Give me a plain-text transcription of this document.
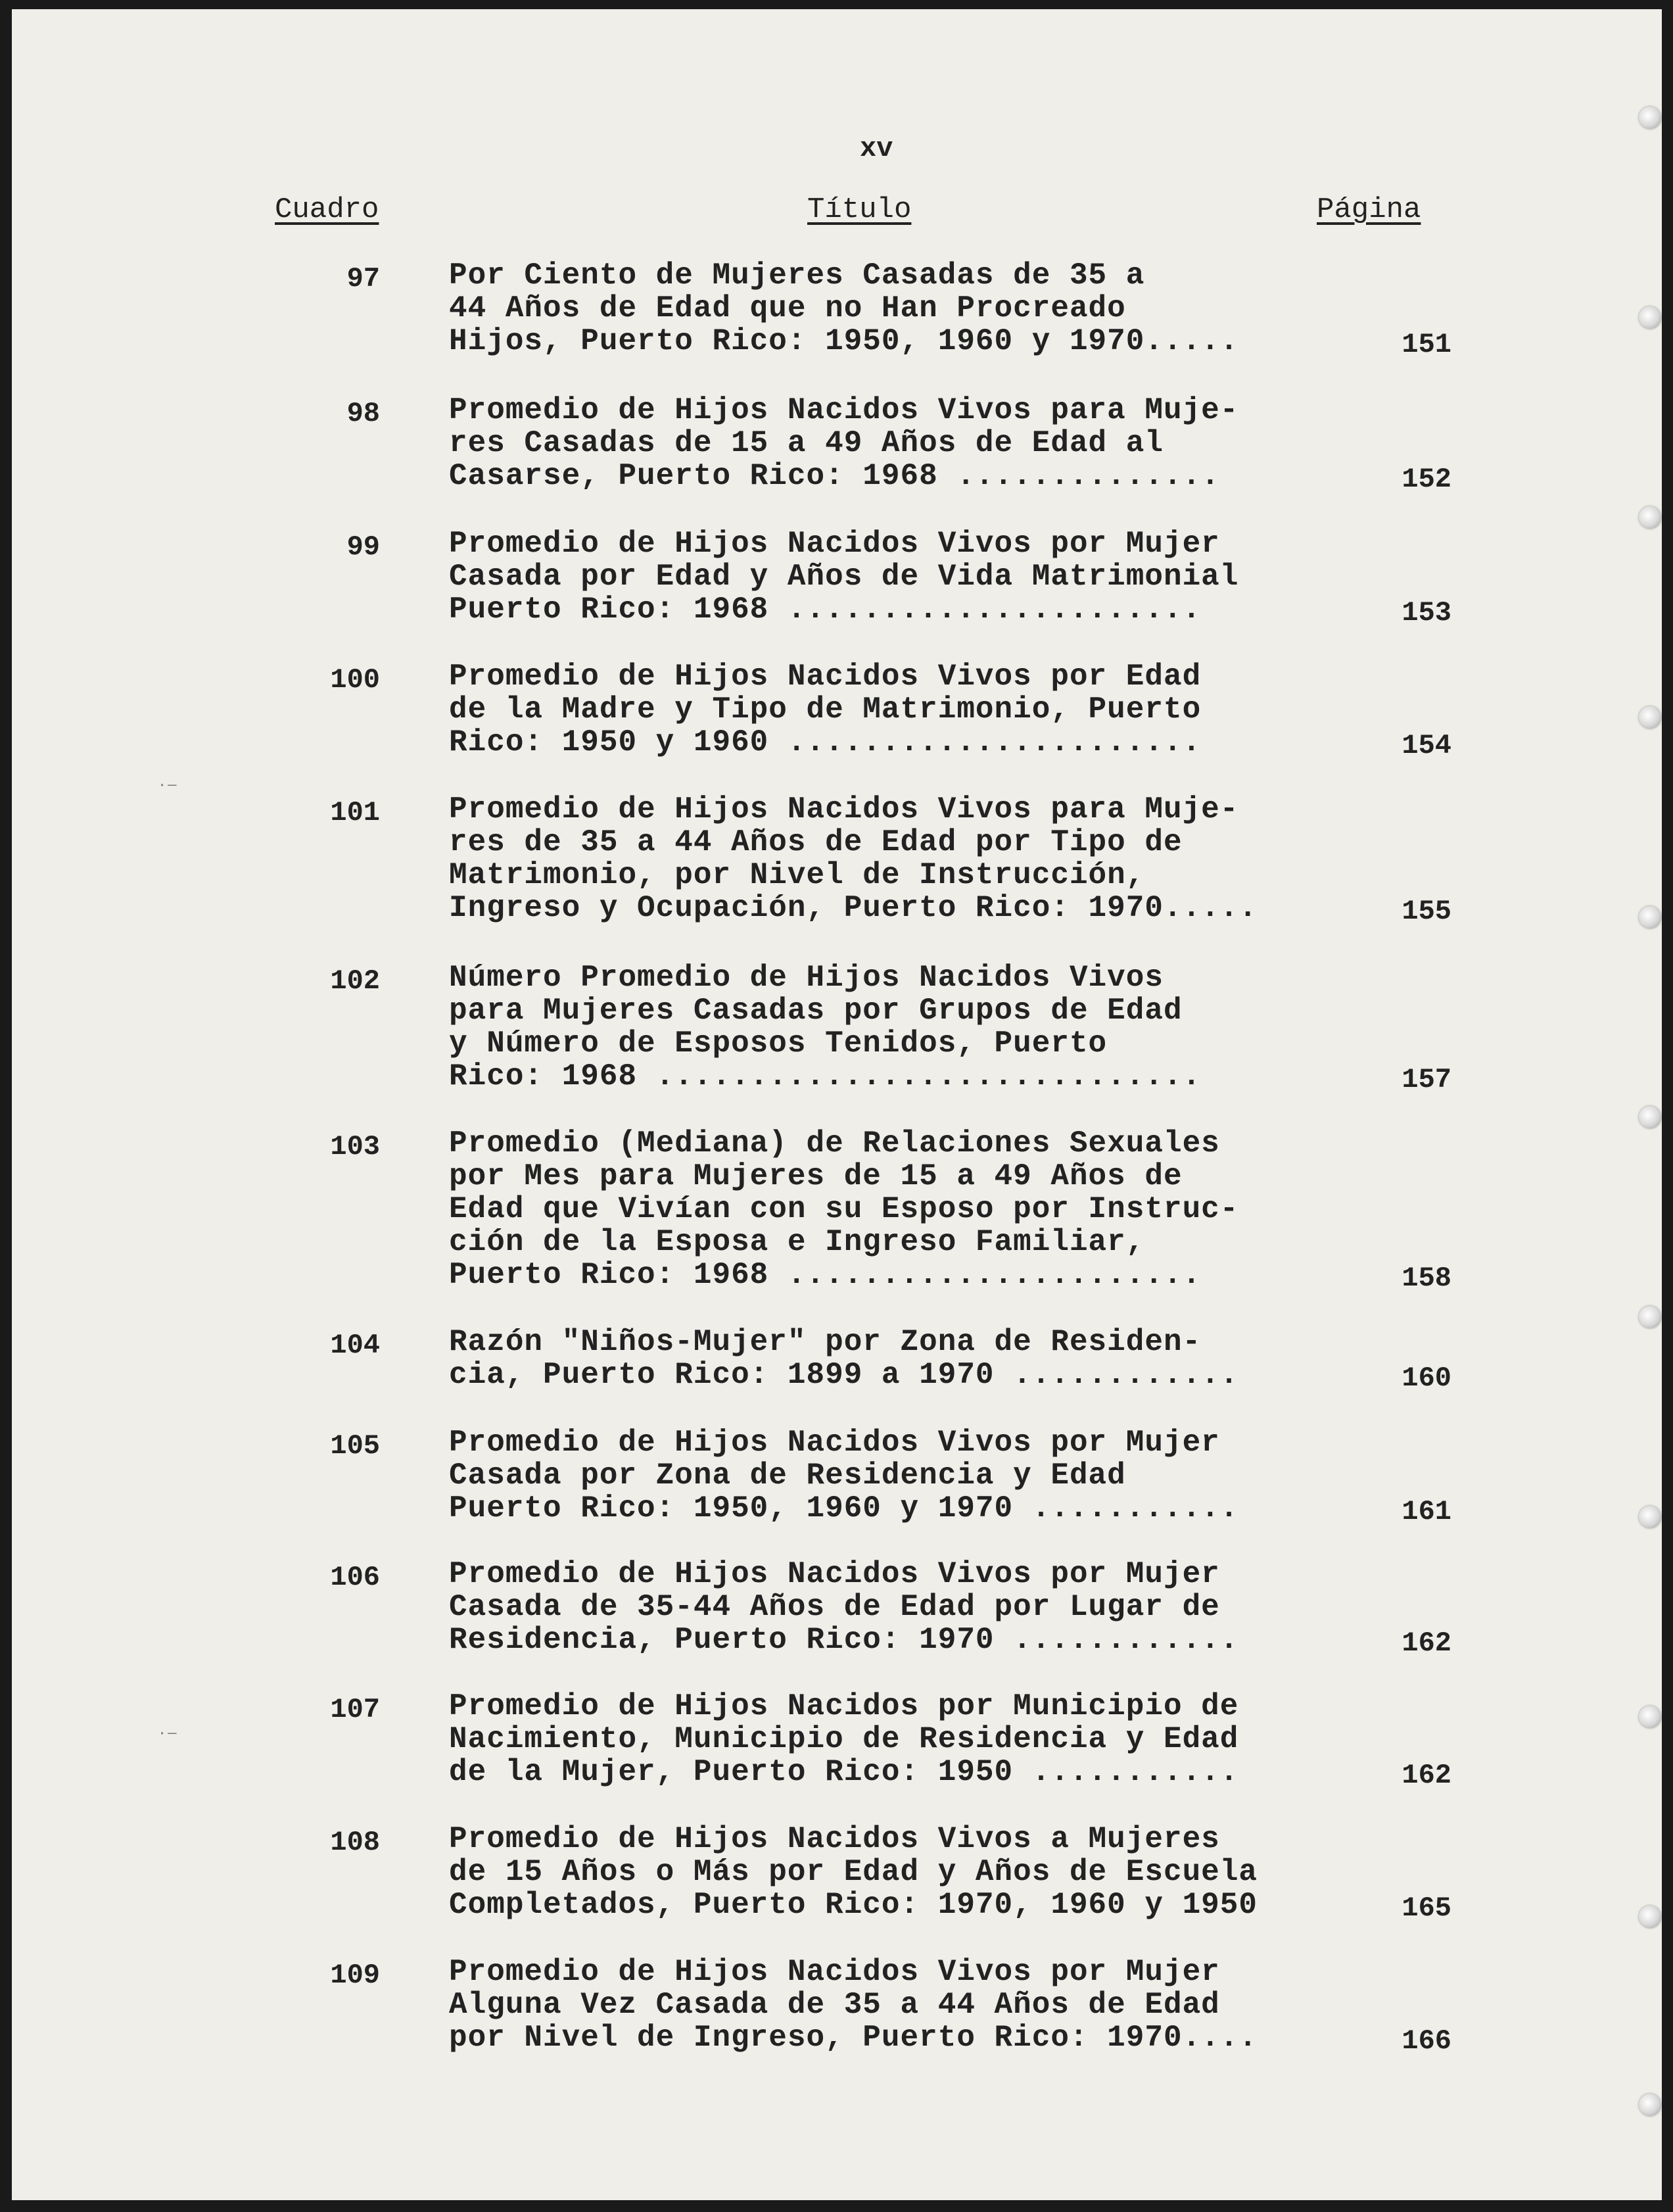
xv
Cuadro	Título	Página
97 Por Ciento de Mujeres Casadas de 35 a
44 Años de Edad que no Han Procreado
Hijos, Puerto Rico: 1950, 1960 y 1970.....	151
98 Promedio de Hijos Nacidos Vivos para Muje-
res Casadas de 15 a 49 Años de Edad al
Casarse, Puerto Rico: 1968 ..............	152
99 Promedio de Hijos Nacidos Vivos por Mujer
Casada por Edad y Años de Vida Matrimonial
Puerto Rico: 1968 ......................	153
100 Promedio de Hijos Nacidos Vivos por Edad
de la Madre y Tipo de Matrimonio, Puerto
Rico: 1950 y 1960 ......................	154
101 Promedio de Hijos Nacidos Vivos para Muje-
res de 35 a 44 Años de Edad por Tipo de
Matrimonio, por Nivel de Instrucción,
Ingreso y Ocupación, Puerto Rico: 1970.....	155
102 Número Promedio de Hijos Nacidos Vivos
para Mujeres Casadas por Grupos de Edad
y Número de Esposos Tenidos, Puerto
Rico: 1968 .............................	157
103 Promedio (Mediana) de Relaciones Sexuales
por Mes para Mujeres de 15 a 49 Años de
Edad que Vivían con su Esposo por Instruc-
ción de la Esposa e Ingreso Familiar,
Puerto Rico: 1968 ......................	158
104 Razón "Niños-Mujer" por Zona de Residen-
cia, Puerto Rico: 1899 a 1970 ............	160
105 Promedio de Hijos Nacidos Vivos por Mujer
Casada por Zona de Residencia y Edad
Puerto Rico: 1950, 1960 y 1970 ...........	161
106 Promedio de Hijos Nacidos Vivos por Mujer
Casada de 35-44 Años de Edad por Lugar de
Residencia, Puerto Rico: 1970 ............	162
107 Promedio de Hijos Nacidos por Municipio de
Nacimiento, Municipio de Residencia y Edad
de la Mujer, Puerto Rico: 1950 ...........	162
108 Promedio de Hijos Nacidos Vivos a Mujeres
de 15 Años o Más por Edad y Años de Escuela
Completados, Puerto Rico: 1970, 1960 y 1950	165
109 Promedio de Hijos Nacidos Vivos por Mujer
Alguna Vez Casada de 35 a 44 Años de Edad
por Nivel de Ingreso, Puerto Rico: 1970....	166
·—
·—
